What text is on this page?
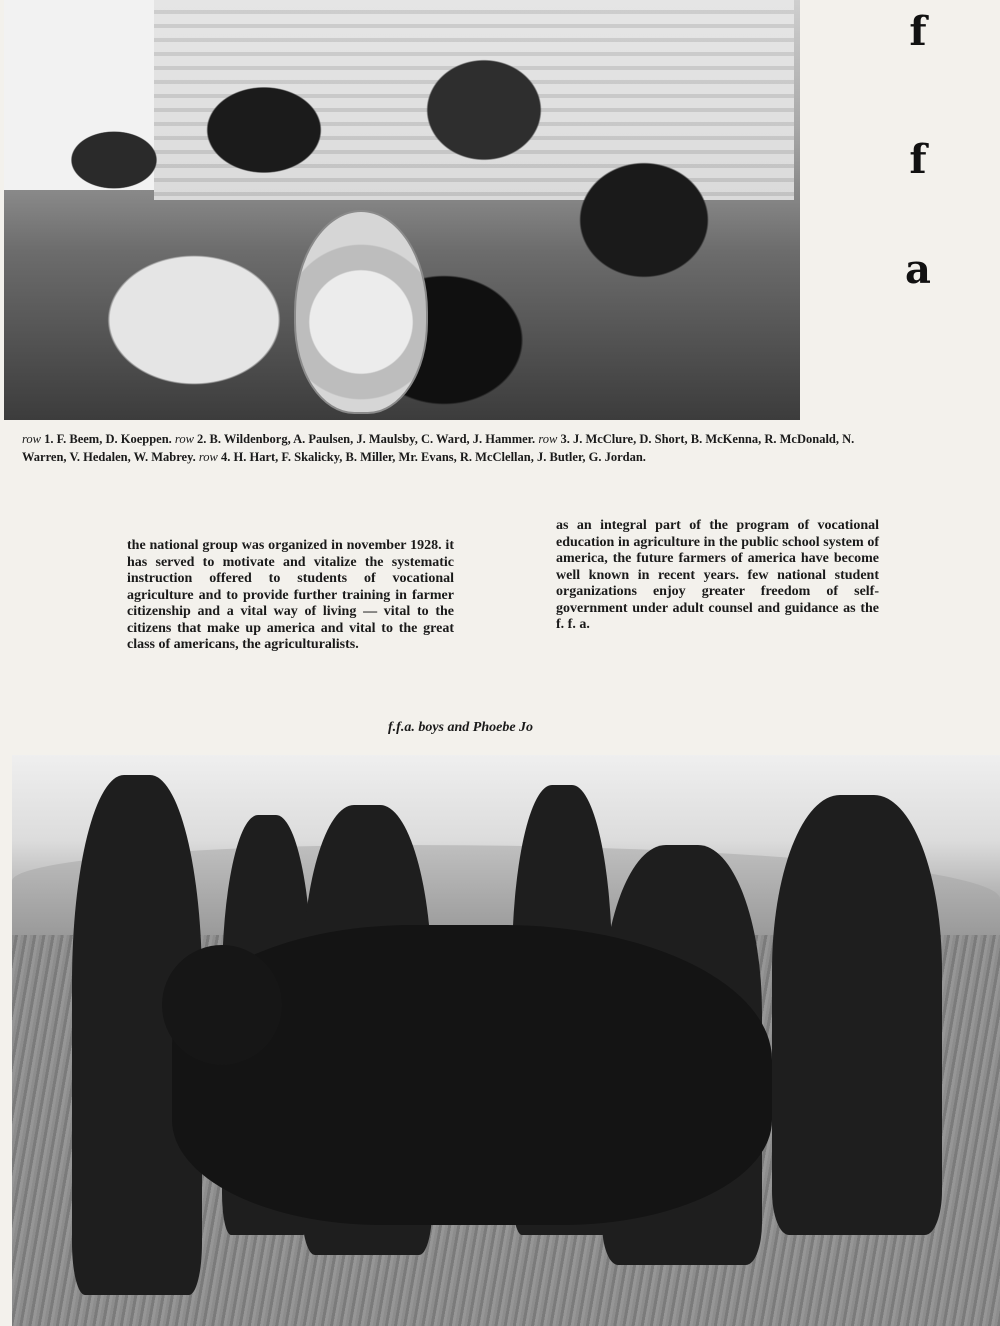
f
f
a
row 1. F. Beem, D. Koeppen. row 2. B. Wildenborg, A. Paulsen, J. Maulsby, C. Ward, J. Hammer. row 3. J. McClure, D. Short, B. McKenna, R. McDonald, N. Warren, V. Hedalen, W. Mabrey. row 4. H. Hart, F. Skalicky, B. Miller, Mr. Evans, R. McClellan, J. Butler, G. Jordan.
the national group was organized in november 1928. it has served to motivate and vitalize the systematic instruction offered to students of vocational agriculture and to provide further training in farmer citizenship and a vital way of living — vital to the citizens that make up america and vital to the great class of americans, the agriculturalists.
as an integral part of the program of vocational education in agriculture in the public school system of america, the future farmers of america have become well known in recent years. few national student organizations enjoy greater freedom of self-government under adult counsel and guidance as the f. f. a.
f.f.a. boys and Phoebe Jo
